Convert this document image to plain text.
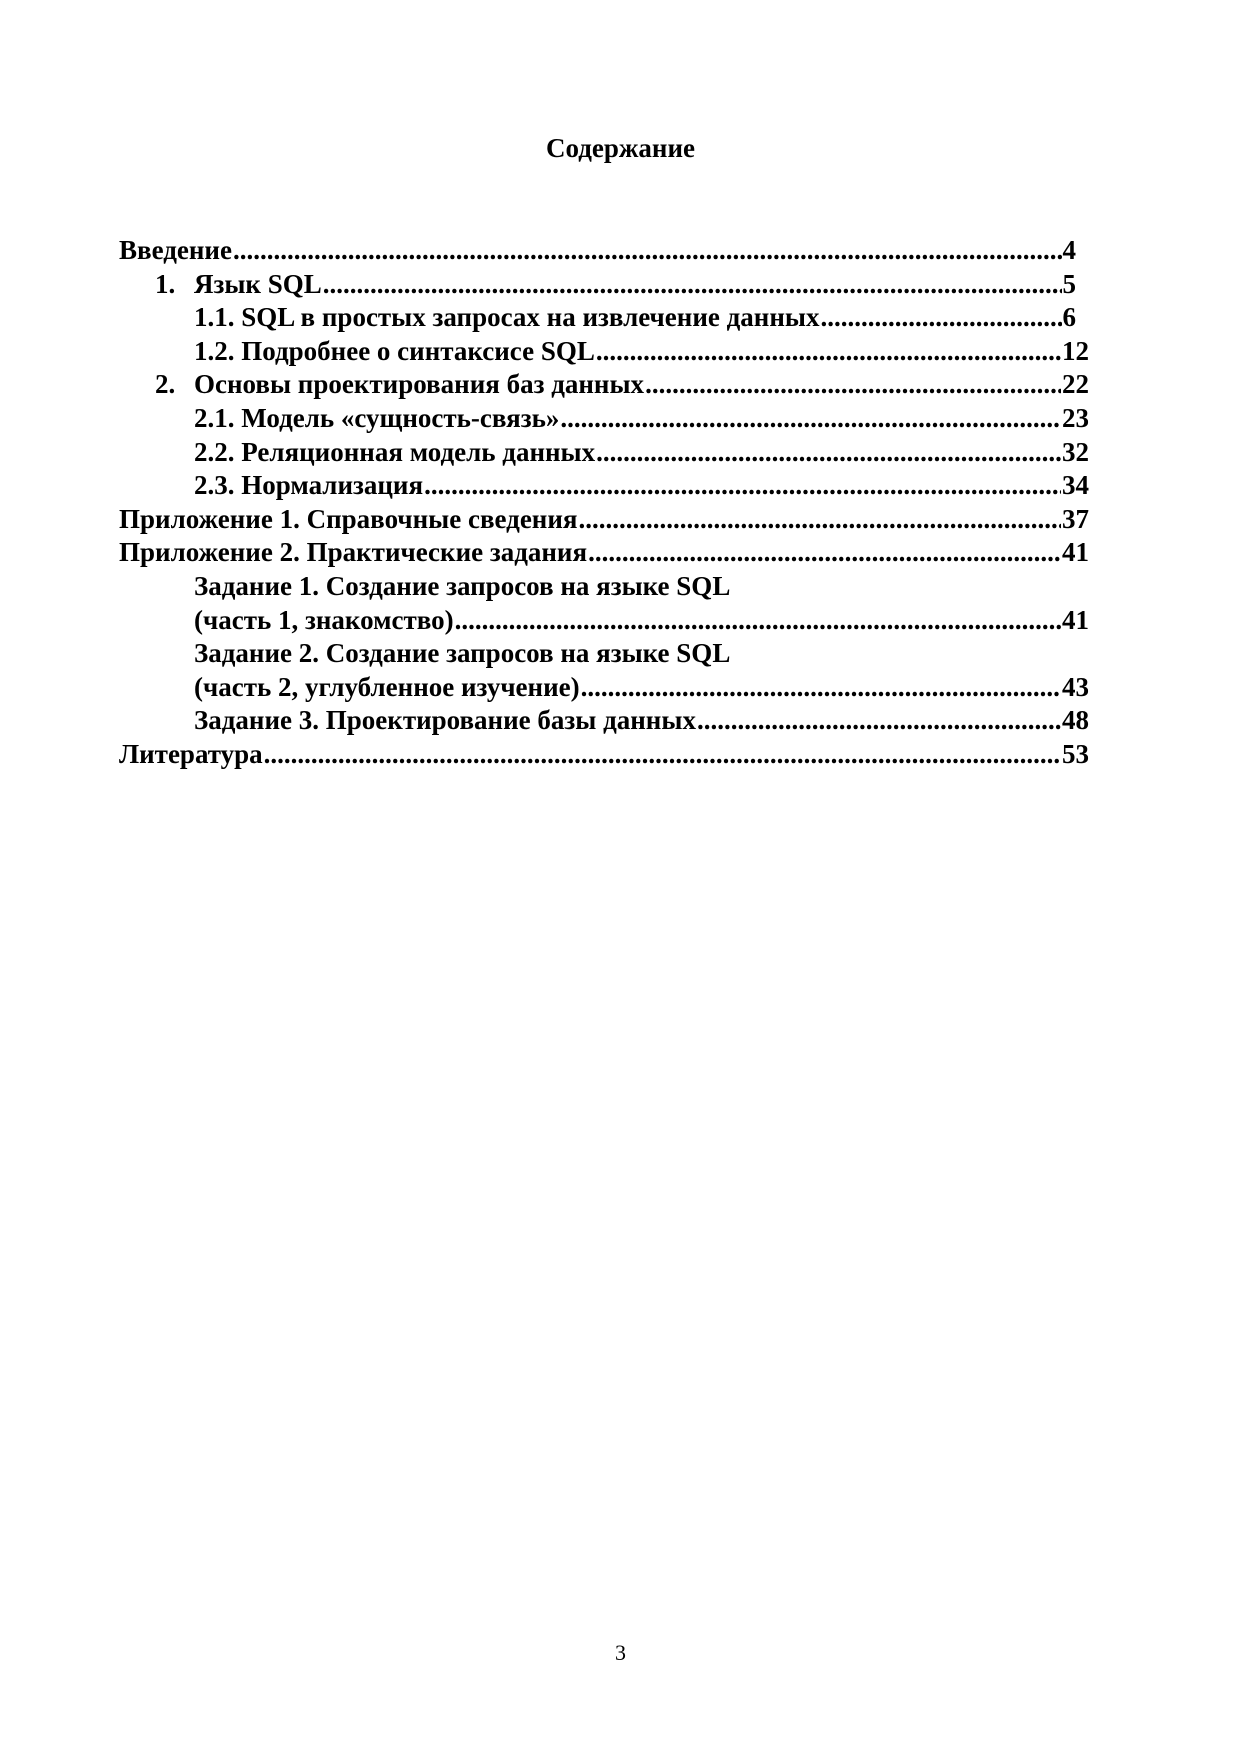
Содержание
Введение .....	4
1. Язык SQL .....	5
1.1. SQL в простых запросах на извлечение данных .....	6
1.2. Подробнее о синтаксисе SQL .....	12
2. Основы проектирования баз данных .....	22
2.1. Модель «сущность-связь» .....	23
2.2. Реляционная модель данных .....	32
2.3. Нормализация .....	34
Приложение 1. Справочные сведения .....	37
Приложение 2. Практические задания .....	41
Задание 1. Создание запросов на языке SQL
(часть 1, знакомство) .....	41
Задание 2. Создание запросов на языке SQL
(часть 2, углубленное изучение) .....	43
Задание 3. Проектирование базы данных .....	48
Литература .....	53
3
